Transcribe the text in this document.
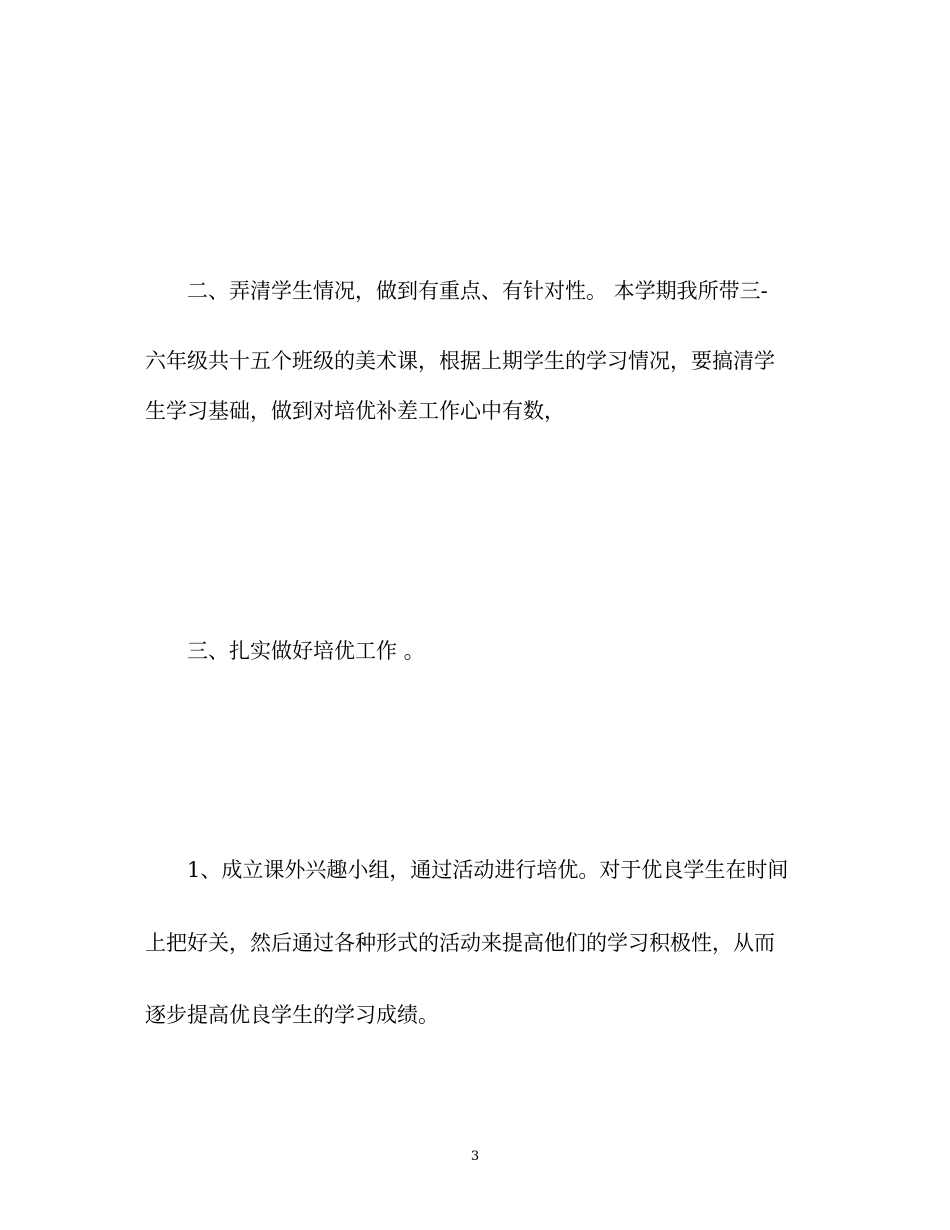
二、弄清学生情况，做到有重点、有针对性。 本学期我所带三-
六年级共十五个班级的美术课，根据上期学生的学习情况，要搞清学
生学习基础，做到对培优补差工作心中有数，
三、扎实做好培优工作 。
1、成立课外兴趣小组，通过活动进行培优。对于优良学生在时间
上把好关，然后通过各种形式的活动来提高他们的学习积极性，从而
逐步提高优良学生的学习成绩。
3
